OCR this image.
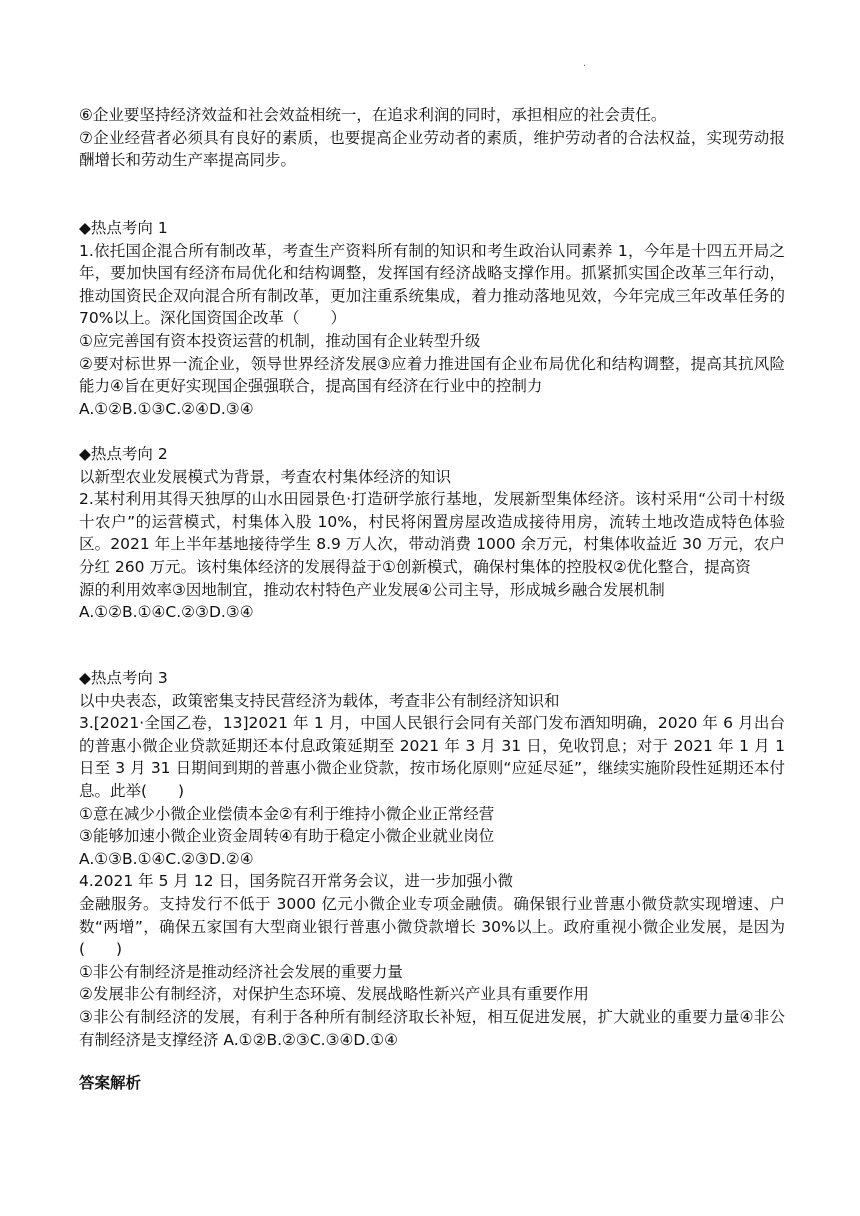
·

⑥企业要坚持经济效益和社会效益相统一，在追求利润的同时，承担相应的社会责任。

⑦企业经营者必须具有良好的素质，也要提高企业劳动者的素质，维护劳动者的合法权益，实现劳动报酬增长和劳动生产率提高同步。

◆热点考向 1

1.依托国企混合所有制改革，考查生产资料所有制的知识和考生政治认同素养 1，今年是十四五开局之年，要加快国有经济布局优化和结构调整，发挥国有经济战略支撑作用。抓紧抓实国企改革三年行动，推动国资民企双向混合所有制改革，更加注重系统集成，着力推动落地见效，今年完成三年改革任务的 70%以上。深化国资国企改革（　　）

①应完善国有资本投资运营的机制，推动国有企业转型升级

②要对标世界一流企业，领导世界经济发展③应着力推进国有企业布局优化和结构调整，提高其抗风险能力④旨在更好实现国企强强联合，提高国有经济在行业中的控制力

A.①②B.①③C.②④D.③④

◆热点考向 2

以新型农业发展模式为背景，考查农村集体经济的知识

2.某村利用其得天独厚的山水田园景色·打造研学旅行基地，发展新型集体经济。该村采用“公司十村级十农户”的运营模式，村集体入股 10%，村民将闲置房屋改造成接待用房，流转土地改造成特色体验区。2021 年上半年基地接待学生 8.9 万人次，带动消费 1000 余万元，村集体收益近 30 万元，农户分红 260 万元。该村集体经济的发展得益于①创新模式，确保村集体的控股权②优化整合，提高资

源的利用效率③因地制宜，推动农村特色产业发展④公司主导，形成城乡融合发展机制

A.①②B.①④C.②③D.③④

◆热点考向 3

以中央表态，政策密集支持民营经济为载体，考查非公有制经济知识和

3.[2021·全国乙卷，13]2021 年 1 月，中国人民银行会同有关部门发布酒知明确，2020 年 6 月出台的普惠小微企业贷款延期还本付息政策延期至 2021 年 3 月 31 日，免收罚息；对于 2021 年 1 月 1 日至 3 月 31 日期间到期的普惠小微企业贷款，按市场化原则“应延尽延”，继续实施阶段性延期还本付息。此举(　　)

①意在减少小微企业偿债本金②有利于维持小微企业正常经营

③能够加速小微企业资金周转④有助于稳定小微企业就业岗位

A.①③B.①④C.②③D.②④

4.2021 年 5 月 12 日，国务院召开常务会议，进一步加强小微

金融服务。支持发行不低于 3000 亿元小微企业专项金融债。确保银行业普惠小微贷款实现增速、户数“两增”，确保五家国有大型商业银行普惠小微贷款增长 30%以上。政府重视小微企业发展，是因为　(　　)

①非公有制经济是推动经济社会发展的重要力量

②发展非公有制经济，对保护生态环境、发展战略性新兴产业具有重要作用

③非公有制经济的发展，有利于各种所有制经济取长补短，相互促进发展，扩大就业的重要力量④非公有制经济是支撑经济 A.①②B.②③C.③④D.①④

答案解析
